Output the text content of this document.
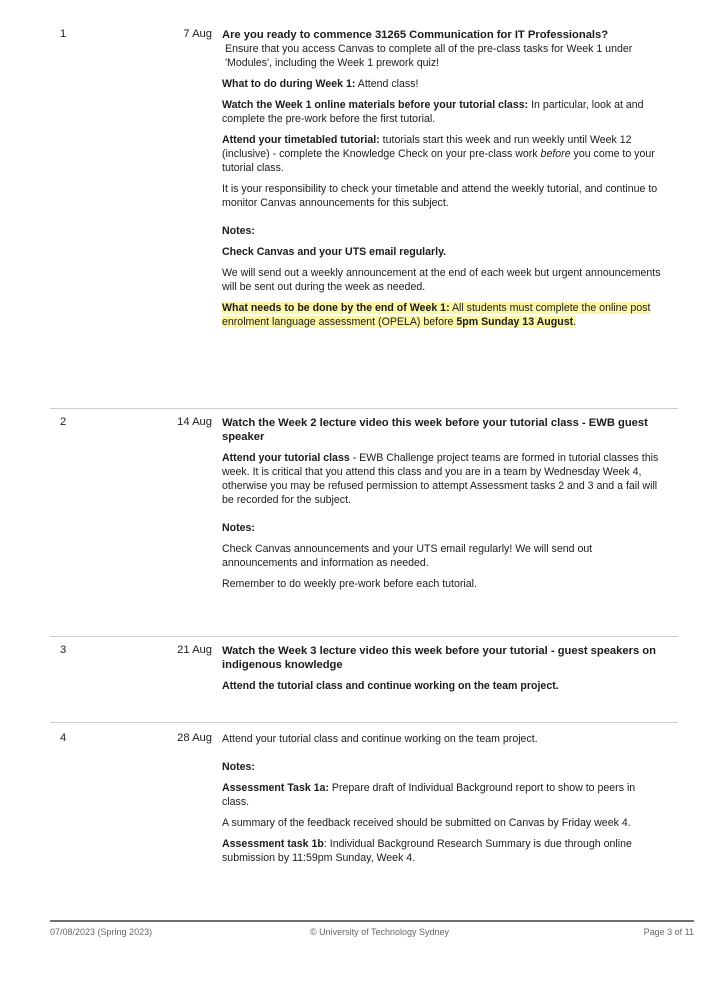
1	7 Aug Are you ready to commence 31265 Communication for IT Professionals?

Ensure that you access Canvas to complete all of the pre-class tasks for Week 1 under 'Modules', including the Week 1 prework quiz!

What to do during Week 1: Attend class!

Watch the Week 1 online materials before your tutorial class: In particular, look at and complete the pre-work before the first tutorial.

Attend your timetabled tutorial: tutorials start this week and run weekly until Week 12 (inclusive) - complete the Knowledge Check on your pre-class work before you come to your tutorial class.

It is your responsibility to check your timetable and attend the weekly tutorial, and continue to monitor Canvas announcements for this subject.

Notes:

Check Canvas and your UTS email regularly.

We will send out a weekly announcement at the end of each week but urgent announcements will be sent out during the week as needed.

What needs to be done by the end of Week 1: All students must complete the online post enrolment language assessment (OPELA) before 5pm Sunday 13 August.

2	14 Aug Watch the Week 2 lecture video this week before your tutorial class - EWB guest speaker

Attend your tutorial class - EWB Challenge project teams are formed in tutorial classes this week. It is critical that you attend this class and you are in a team by Wednesday Week 4, otherwise you may be refused permission to attempt Assessment tasks 2 and 3 and a fail will be recorded for the subject.

Notes:

Check Canvas announcements and your UTS email regularly! We will send out announcements and information as needed.

Remember to do weekly pre-work before each tutorial.

3	21 Aug Watch the Week 3 lecture video this week before your tutorial - guest speakers on indigenous knowledge

Attend the tutorial class and continue working on the team project.

4	28 Aug Attend your tutorial class and continue working on the team project.

Notes:

Assessment Task 1a: Prepare draft of Individual Background report to show to peers in class.

A summary of the feedback received should be submitted on Canvas by Friday week 4.

Assessment task 1b: Individual Background Research Summary is due through online submission by 11:59pm Sunday, Week 4.

07/08/2023 (Spring 2023)	© University of Technology Sydney	Page 3 of 11
